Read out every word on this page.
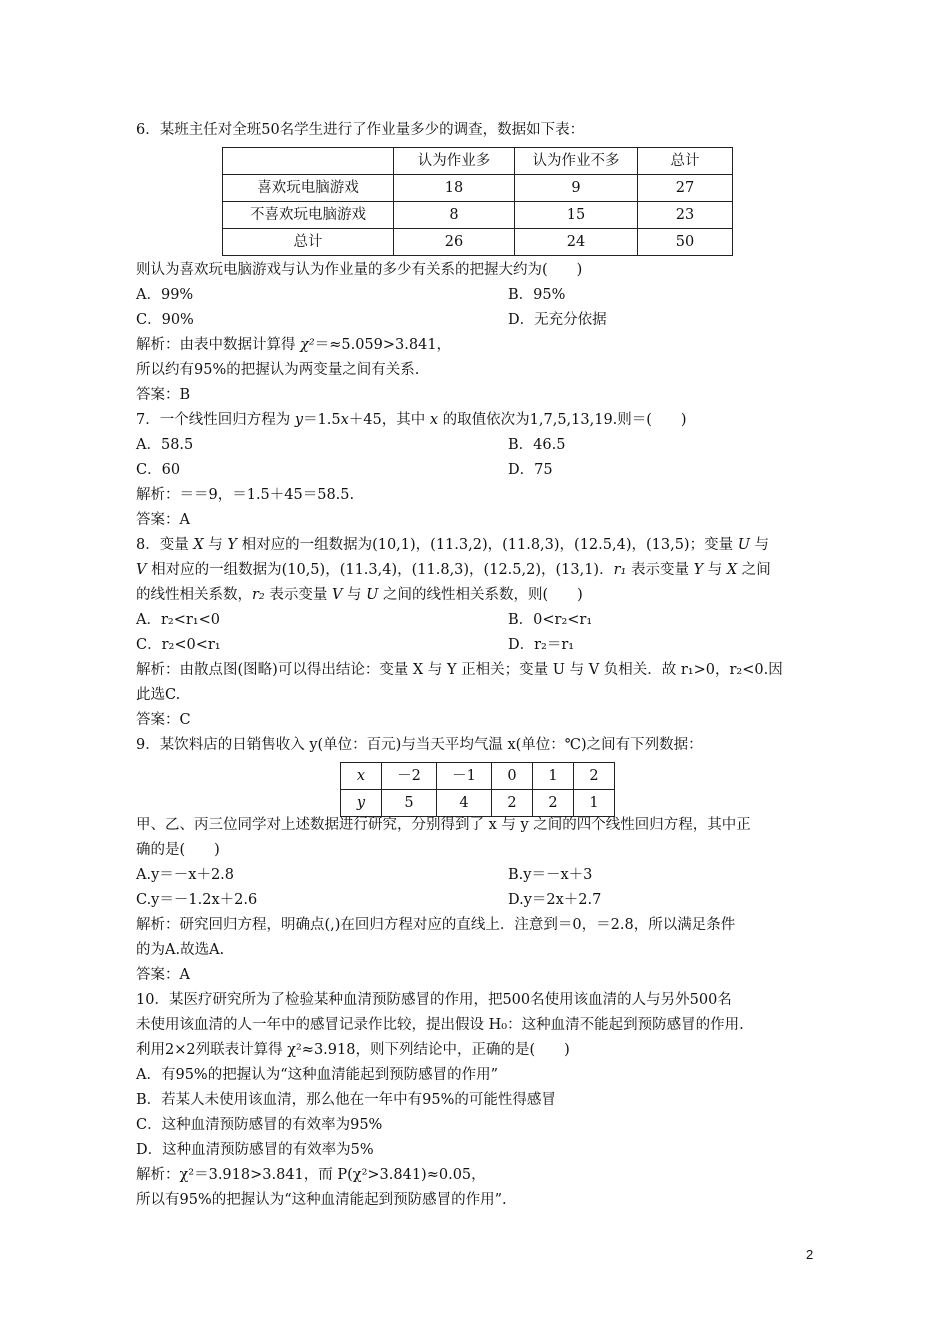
6．某班主任对全班50名学生进行了作业量多少的调查，数据如下表：
	认为作业多	认为作业不多	总计
喜欢玩电脑游戏	18	9	27
不喜欢玩电脑游戏	8	15	23
总计	26	24	50
则认为喜欢玩电脑游戏与认为作业量的多少有关系的把握大约为(　　)
A．99%	B．95%
C．90%	D．无充分依据
解析：由表中数据计算得 χ²＝≈5.059>3.841，
所以约有95%的把握认为两变量之间有关系.
答案：B
7．一个线性回归方程为 y＝1.5x＋45，其中 x 的取值依次为1,7,5,13,19.则＝(　　)
A．58.5	B．46.5
C．60	D．75
解析：＝＝9，＝1.5＋45＝58.5.
答案：A
8．变量 X 与 Y 相对应的一组数据为(10,1)，(11.3,2)，(11.8,3)，(12.5,4)，(13,5)；变量 U 与
V 相对应的一组数据为(10,5)，(11.3,4)，(11.8,3)，(12.5,2)，(13,1)．r₁ 表示变量 Y 与 X 之间
的线性相关系数，r₂ 表示变量 V 与 U 之间的线性相关系数，则(　　)
A．r₂<r₁<0	B．0<r₂<r₁
C．r₂<0<r₁	D．r₂＝r₁
解析：由散点图(图略)可以得出结论：变量 X 与 Y 正相关；变量 U 与 V 负相关．故 r₁>0，r₂<0.因
此选C.
答案：C
9．某饮料店的日销售收入 y(单位：百元)与当天平均气温 x(单位：℃)之间有下列数据：
x	－2	－1	0	1	2
y	5	4	2	2	1
甲、乙、丙三位同学对上述数据进行研究，分别得到了 x 与 y 之间的四个线性回归方程，其中正
确的是(　　)
A.y＝－x＋2.8	B.y＝－x＋3
C.y＝－1.2x＋2.6	D.y＝2x＋2.7
解析：研究回归方程，明确点(,)在回归方程对应的直线上．注意到＝0，＝2.8，所以满足条件
的为A.故选A.
答案：A
10．某医疗研究所为了检验某种血清预防感冒的作用，把500名使用该血清的人与另外500名
未使用该血清的人一年中的感冒记录作比较，提出假设 H₀：这种血清不能起到预防感冒的作用.
利用2×2列联表计算得 χ²≈3.918，则下列结论中，正确的是(　　)
A．有95%的把握认为“这种血清能起到预防感冒的作用”
B．若某人未使用该血清，那么他在一年中有95%的可能性得感冒
C．这种血清预防感冒的有效率为95%
D．这种血清预防感冒的有效率为5%
解析：χ²＝3.918>3.841，而 P(χ²>3.841)≈0.05，
所以有95%的把握认为“这种血清能起到预防感冒的作用”.
2
